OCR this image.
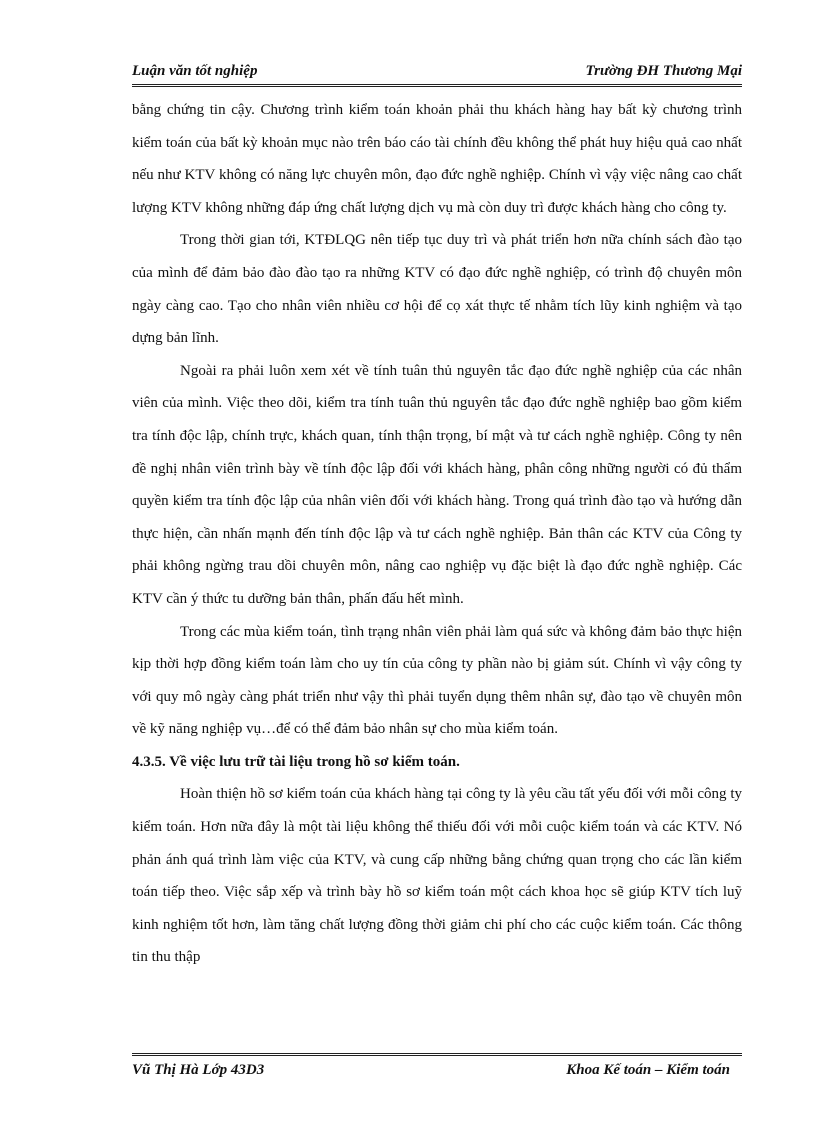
Luận văn tốt nghiệp	Trường ĐH Thương Mại

bằng chứng tin cậy. Chương trình kiểm toán khoản phải thu khách hàng hay bất kỳ chương trình kiểm toán của bất kỳ khoản mục nào trên báo cáo tài chính đều không thể phát huy hiệu quả cao nhất nếu như KTV không có năng lực chuyên môn, đạo đức nghề nghiệp. Chính vì vậy việc nâng cao chất lượng KTV không những đáp ứng chất lượng dịch vụ mà còn duy trì được khách hàng cho công ty.

Trong thời gian tới, KTĐLQG nên tiếp tục duy trì và phát triển hơn nữa chính sách đào tạo của mình để đảm bảo đào đào tạo ra những KTV có đạo đức nghề nghiệp, có trình độ chuyên môn ngày càng cao. Tạo cho nhân viên nhiều cơ hội để cọ xát thực tế nhằm tích lũy kinh nghiệm và tạo dựng bản lĩnh.

Ngoài ra phải luôn xem xét về tính tuân thủ nguyên tắc đạo đức nghề nghiệp của các nhân viên của mình. Việc theo dõi, kiểm tra tính tuân thủ nguyên tắc đạo đức nghề nghiệp bao gồm kiểm tra tính độc lập, chính trực, khách quan, tính thận trọng, bí mật và tư cách nghề nghiệp. Công ty nên đề nghị nhân viên trình bày về tính độc lập đối với khách hàng, phân công những người có đủ thẩm quyền kiểm tra tính độc lập của nhân viên đối với khách hàng. Trong quá trình đào tạo và hướng dẫn thực hiện, cần nhấn mạnh đến tính độc lập và tư cách nghề nghiệp. Bản thân các KTV của Công ty phải không ngừng trau dồi chuyên môn, nâng cao nghiệp vụ đặc biệt là đạo đức nghề nghiệp. Các KTV cần ý thức tu dưỡng bản thân, phấn đấu hết mình.

Trong các mùa kiểm toán, tình trạng nhân viên phải làm quá sức và không đảm bảo thực hiện kịp thời hợp đồng kiểm toán làm cho uy tín của công ty phần nào bị giảm sút. Chính vì vậy công ty với quy mô ngày càng phát triển như vậy thì phải tuyển dụng thêm nhân sự, đào tạo về chuyên môn về kỹ năng nghiệp vụ…để có thể đảm bảo nhân sự cho mùa kiểm toán.

4.3.5. Về việc lưu trữ tài liệu trong hồ sơ kiểm toán.

Hoàn thiện hồ sơ kiểm toán của khách hàng tại công ty là yêu cầu tất yếu đối với mỗi công ty kiểm toán. Hơn nữa đây là một tài liệu không thể thiếu đối với mỗi cuộc kiểm toán và các KTV. Nó phản ánh quá trình làm việc của KTV, và cung cấp những bằng chứng quan trọng cho các lần kiểm toán tiếp theo. Việc sắp xếp và trình bày hồ sơ kiểm toán một cách khoa học sẽ giúp KTV tích luỹ kinh nghiệm tốt hơn, làm tăng chất lượng đồng thời giảm chi phí cho các cuộc kiểm toán. Các thông tin thu thập

Vũ Thị Hà Lớp 43D3	Khoa Kế toán – Kiểm toán
